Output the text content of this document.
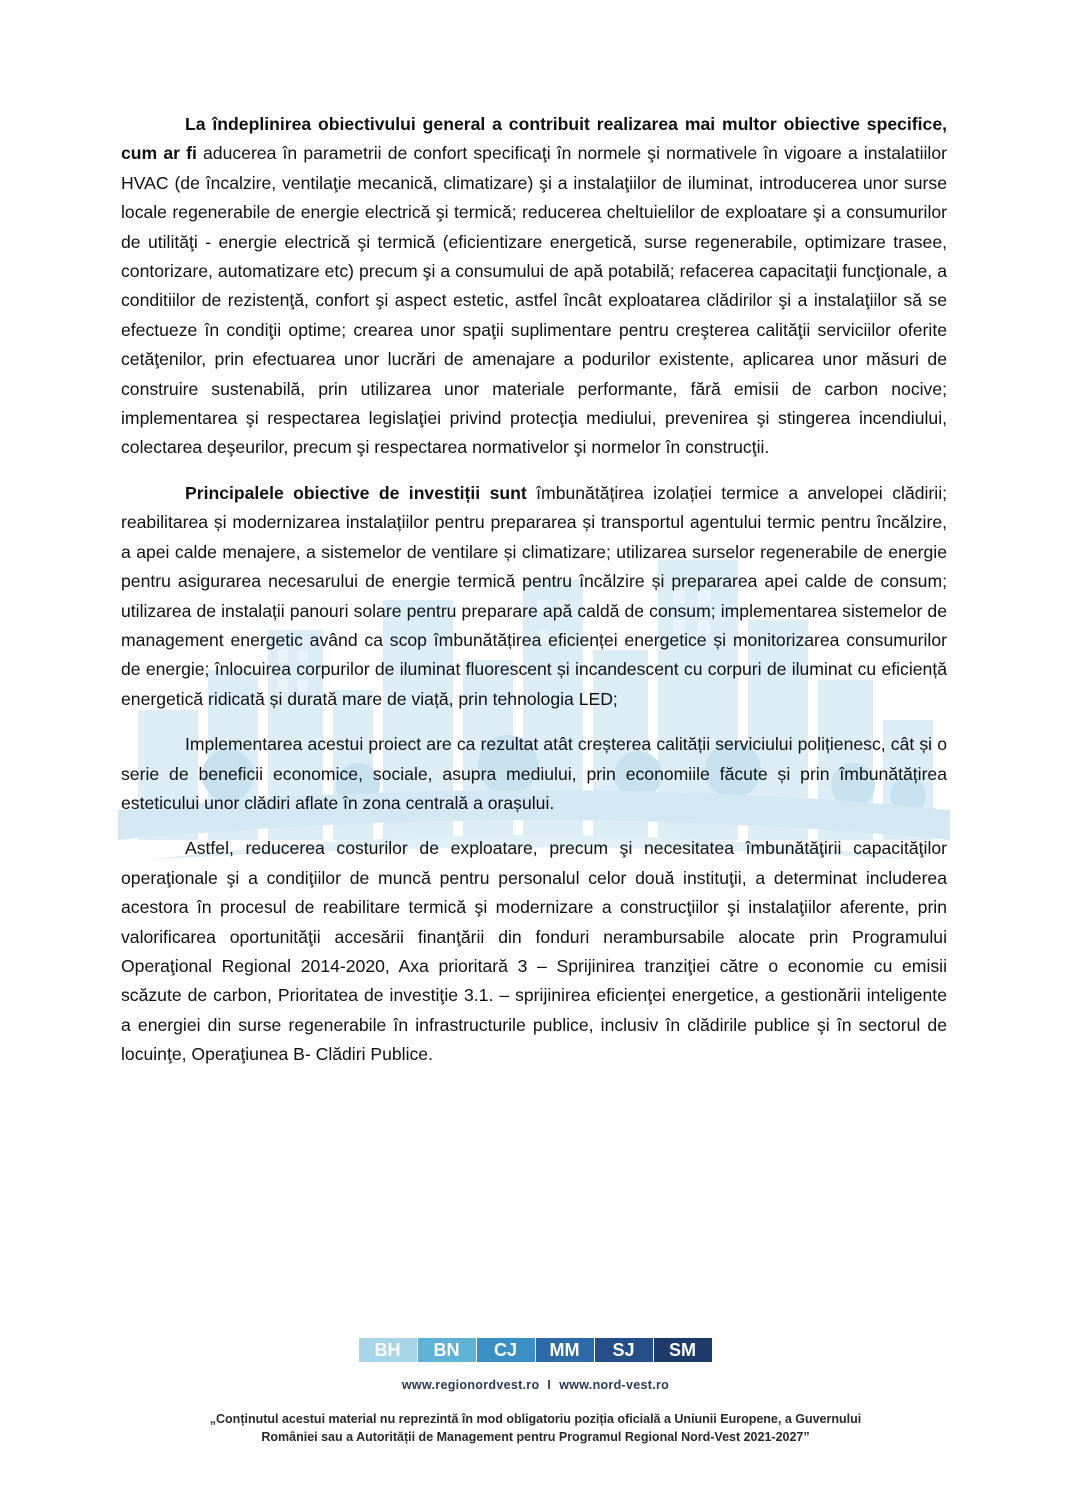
La îndeplinirea obiectivului general a contribuit realizarea mai multor obiective specifice, cum ar fi aducerea în parametrii de confort specificaţi în normele şi normativele în vigoare a instalatiilor HVAC (de încalzire, ventilaţie mecanică, climatizare) şi a instalaţiilor de iluminat, introducerea unor surse locale regenerabile de energie electrică şi termică; reducerea cheltuielilor de exploatare şi a consumurilor de utilităţi - energie electrică şi termică (eficientizare energetică, surse regenerabile, optimizare trasee, contorizare, automatizare etc) precum şi a consumului de apă potabilă; refacerea capacitaţii funcţionale, a conditiilor de rezistenţă, confort şi aspect estetic, astfel încât exploatarea clădirilor şi a instalaţiilor să se efectueze în condiţii optime; crearea unor spaţii suplimentare pentru creşterea calităţii serviciilor oferite cetăţenilor, prin efectuarea unor lucrări de amenajare a podurilor existente, aplicarea unor măsuri de construire sustenabilă, prin utilizarea unor materiale performante, fără emisii de carbon nocive; implementarea şi respectarea legislaţiei privind protecţia mediului, prevenirea şi stingerea incendiului, colectarea deşeurilor, precum şi respectarea normativelor şi normelor în construcţii.

Principalele obiective de investiții sunt îmbunătățirea izolației termice a anvelopei clădirii; reabilitarea și modernizarea instalațiilor pentru prepararea și transportul agentului termic pentru încălzire, a apei calde menajere, a sistemelor de ventilare și climatizare; utilizarea surselor regenerabile de energie pentru asigurarea necesarului de energie termică pentru încălzire și prepararea apei calde de consum; utilizarea de instalații panouri solare pentru preparare apă caldă de consum; implementarea sistemelor de management energetic având ca scop îmbunătățirea eficienței energetice și monitorizarea consumurilor de energie; înlocuirea corpurilor de iluminat fluorescent și incandescent cu corpuri de iluminat cu eficiență energetică ridicată și durată mare de viață, prin tehnologia LED;

Implementarea acestui proiect are ca rezultat atât creșterea calității serviciului polițienesc, cât și o serie de beneficii economice, sociale, asupra mediului, prin economiile făcute și prin îmbunătățirea esteticului unor clădiri aflate în zona centrală a orașului.

Astfel, reducerea costurilor de exploatare, precum şi necesitatea îmbunătăţirii capacităţilor operaţionale şi a condiţiilor de muncă pentru personalul celor două instituţii, a determinat includerea acestora în procesul de reabilitare termică şi modernizare a construcţiilor şi instalaţiilor aferente, prin valorificarea oportunităţii accesării finanţării din fonduri nerambursabile alocate prin Programului Operaţional Regional 2014-2020, Axa prioritară 3 – Sprijinirea tranziţiei către o economie cu emisii scăzute de carbon, Prioritatea de investiţie 3.1. – sprijinirea eficienţei energetice, a gestionării inteligente a energiei din surse regenerabile în infrastructurile publice, inclusiv în clădirile publice şi în sectorul de locuinţe, Operaţiunea B- Clădiri Publice.

BH	BN	CJ	MM	SJ	SM
www.regionordvest.ro I www.nord-vest.ro
„Conținutul acestui material nu reprezintă în mod obligatoriu poziția oficială a Uniunii Europene, a Guvernului
României sau a Autorității de Management pentru Programul Regional Nord-Vest 2021-2027”
